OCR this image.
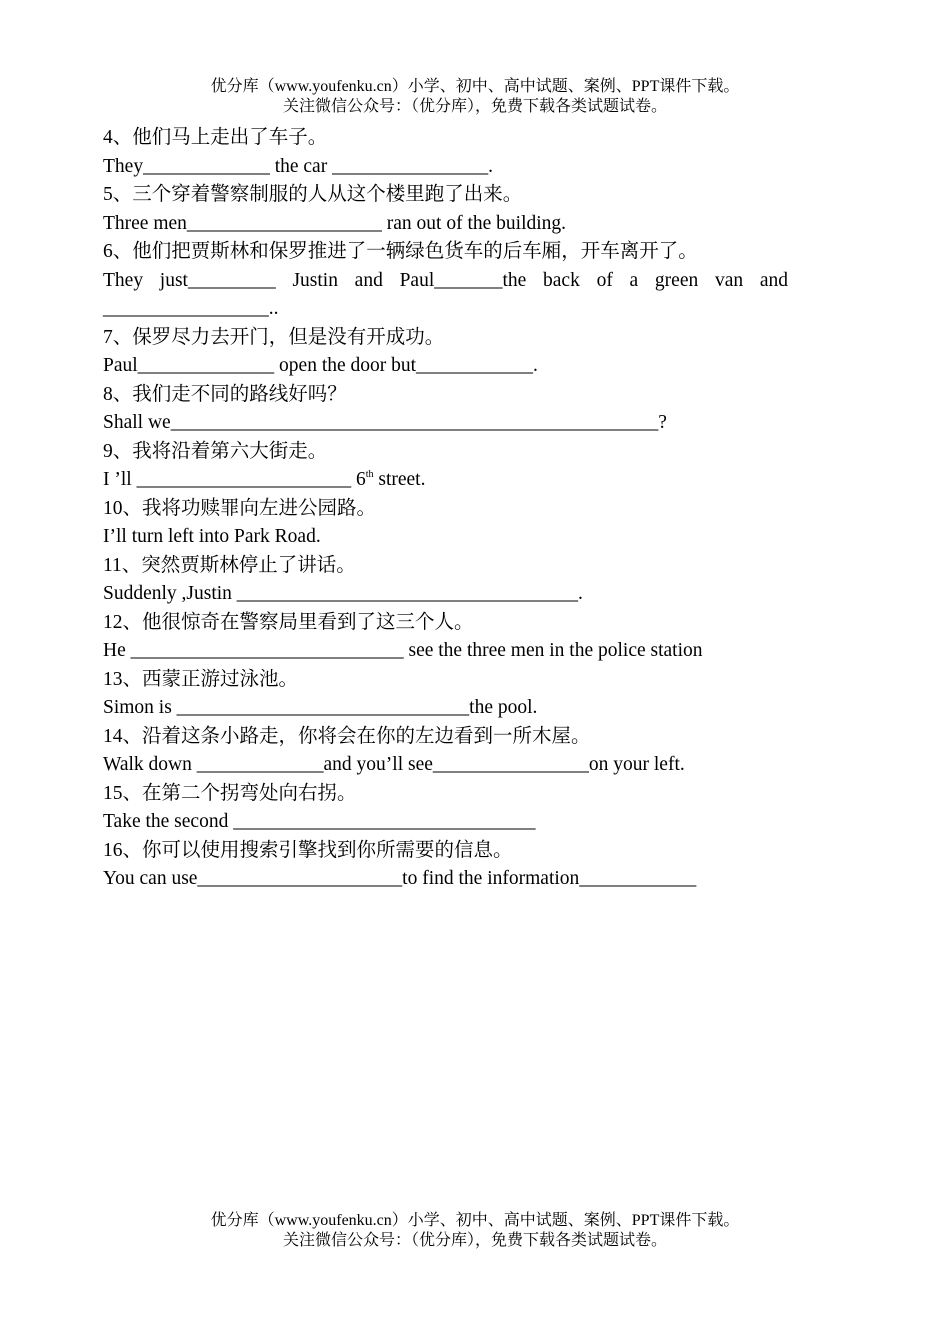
优分库（www.youfenku.cn）小学、初中、高中试题、案例、PPT课件下载。
关注微信公众号：（优分库），免费下载各类试题试卷。
4、他们马上走出了车子。
They_____________ the car ________________.
5、三个穿着警察制服的人从这个楼里跑了出来。
Three men____________________ ran out of the building.
6、他们把贾斯林和保罗推进了一辆绿色货车的后车厢，开车离开了。
They just_________ Justin and Paul_______the back of a green van and
_________________..
7、保罗尽力去开门，但是没有开成功。
Paul______________ open the door but____________.
8、我们走不同的路线好吗？
Shall we__________________________________________________?
9、我将沿着第六大街走。
I ’ll ______________________ 6th street.
10、我将功赎罪向左进公园路。
I’ll turn left into Park Road.
11、突然贾斯林停止了讲话。
Suddenly ,Justin ___________________________________.
12、他很惊奇在警察局里看到了这三个人。
He ____________________________ see the three men in the police station
13、西蒙正游过泳池。
Simon is ______________________________the pool.
14、沿着这条小路走，你将会在你的左边看到一所木屋。
Walk down _____________and you’ll see________________on your left.
15、在第二个拐弯处向右拐。
Take the second _______________________________
16、你可以使用搜索引擎找到你所需要的信息。
You can use_____________________to find the information____________
优分库（www.youfenku.cn）小学、初中、高中试题、案例、PPT课件下载。
关注微信公众号：（优分库），免费下载各类试题试卷。
